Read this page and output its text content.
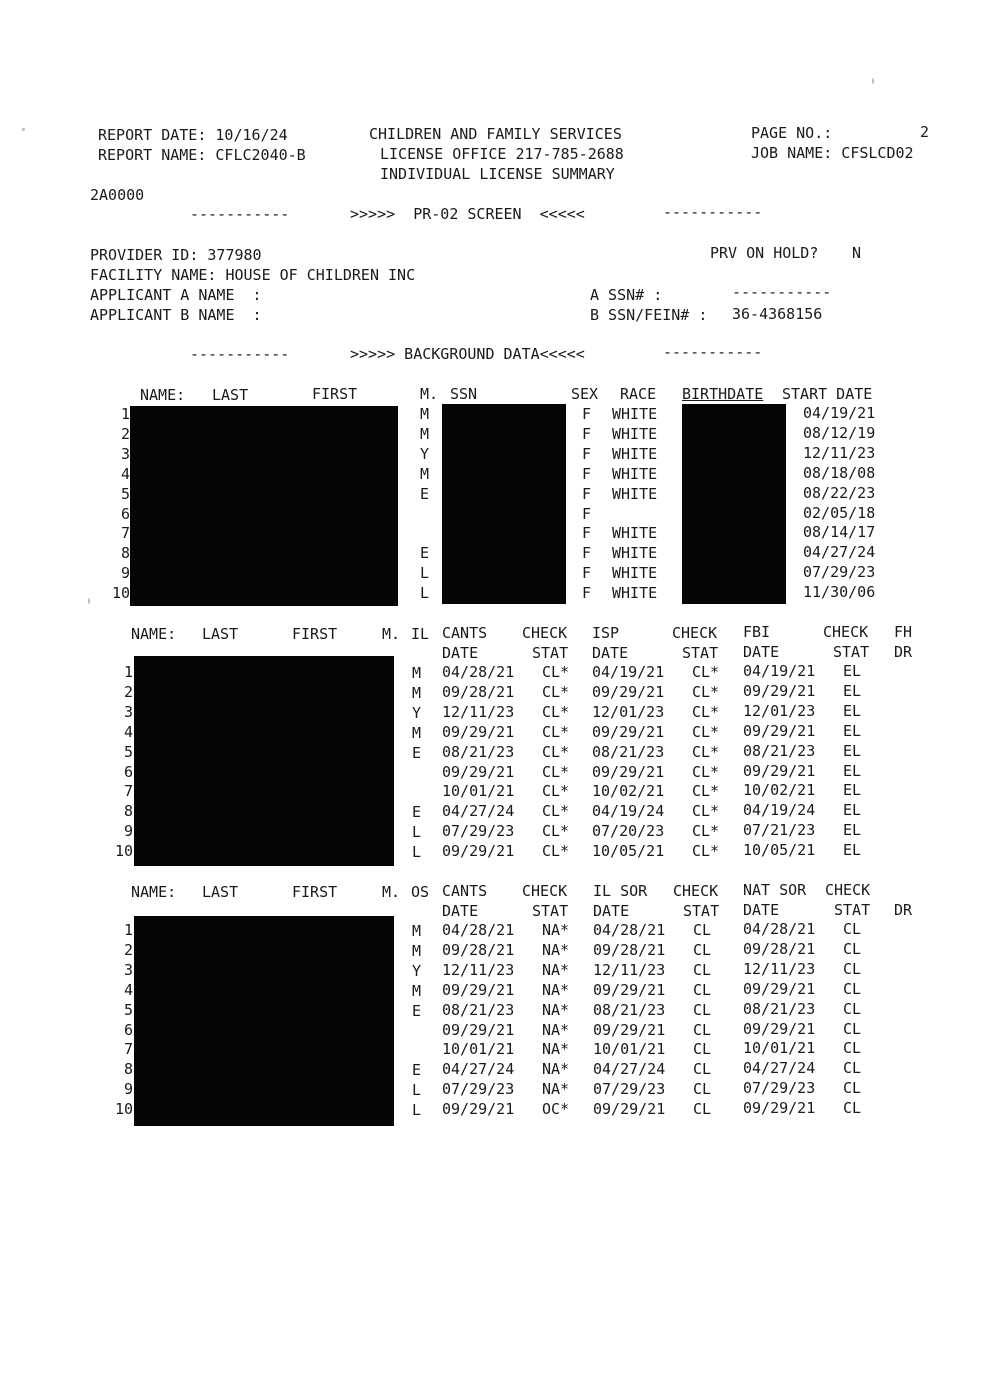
REPORT DATE: 10/16/24
REPORT NAME: CFLC2040-B
CHILDREN AND FAMILY SERVICES
LICENSE OFFICE 217-785-2688
INDIVIDUAL LICENSE SUMMARY
PAGE NO.:	2
JOB NAME: CFSLCD02
2A0000
-----------	>>>>>  PR-02 SCREEN  <<<<<	-----------
PROVIDER ID: 377980
FACILITY NAME: HOUSE OF CHILDREN INC
APPLICANT A NAME  :
APPLICANT B NAME  :
PRV ON HOLD? N
A SSN# :	-----------
B SSN/FEIN# : 36-4368156
-----------	>>>>> BACKGROUND DATA<<<<<	-----------
NAME: LAST	FIRST	M. SSN	SEX RACE BIRTHDATE START DATE
1	M	F WHITE	04/19/21
2	M	F WHITE	08/12/19
3	Y	F WHITE	12/11/23
4	M	F WHITE	08/18/08
5	E	F WHITE	08/22/23
6	F	02/05/18
7	F WHITE	08/14/17
8	E	F WHITE	04/27/24
9	L	F WHITE	07/29/23
10	L	F WHITE	11/30/06
NAME: LAST	FIRST	M. IL CANTS CHECK ISP	CHECK FBI	CHECK FH
DATE	STAT DATE	STAT DATE	STAT DR
1	M 04/28/21 CL* 04/19/21 CL* 04/19/21 EL
2	M 09/28/21 CL* 09/29/21 CL* 09/29/21 EL
3	Y 12/11/23 CL* 12/01/23 CL* 12/01/23 EL
4	M 09/29/21 CL* 09/29/21 CL* 09/29/21 EL
5	E 08/21/23 CL* 08/21/23 CL* 08/21/23 EL
6	09/29/21 CL* 09/29/21 CL* 09/29/21 EL
7	10/01/21 CL* 10/02/21 CL* 10/02/21 EL
8	E 04/27/24 CL* 04/19/24 CL* 04/19/24 EL
9	L 07/29/23 CL* 07/20/23 CL* 07/21/23 EL
10	L 09/29/21 CL* 10/05/21 CL* 10/05/21 EL
NAME: LAST	FIRST	M. OS CANTS CHECK IL SOR CHECK NAT SOR CHECK
DATE	STAT DATE	STAT DATE	STAT DR
1	M 04/28/21 NA* 04/28/21 CL 04/28/21 CL
2	M 09/28/21 NA* 09/28/21 CL 09/28/21 CL
3	Y 12/11/23 NA* 12/11/23 CL 12/11/23 CL
4	M 09/29/21 NA* 09/29/21 CL 09/29/21 CL
5	E 08/21/23 NA* 08/21/23 CL 08/21/23 CL
6	09/29/21 NA* 09/29/21 CL 09/29/21 CL
7	10/01/21 NA* 10/01/21 CL 10/01/21 CL
8	E 04/27/24 NA* 04/27/24 CL 04/27/24 CL
9	L 07/29/23 NA* 07/29/23 CL 07/29/23 CL
10	L 09/29/21 OC* 09/29/21 CL 09/29/21 CL
